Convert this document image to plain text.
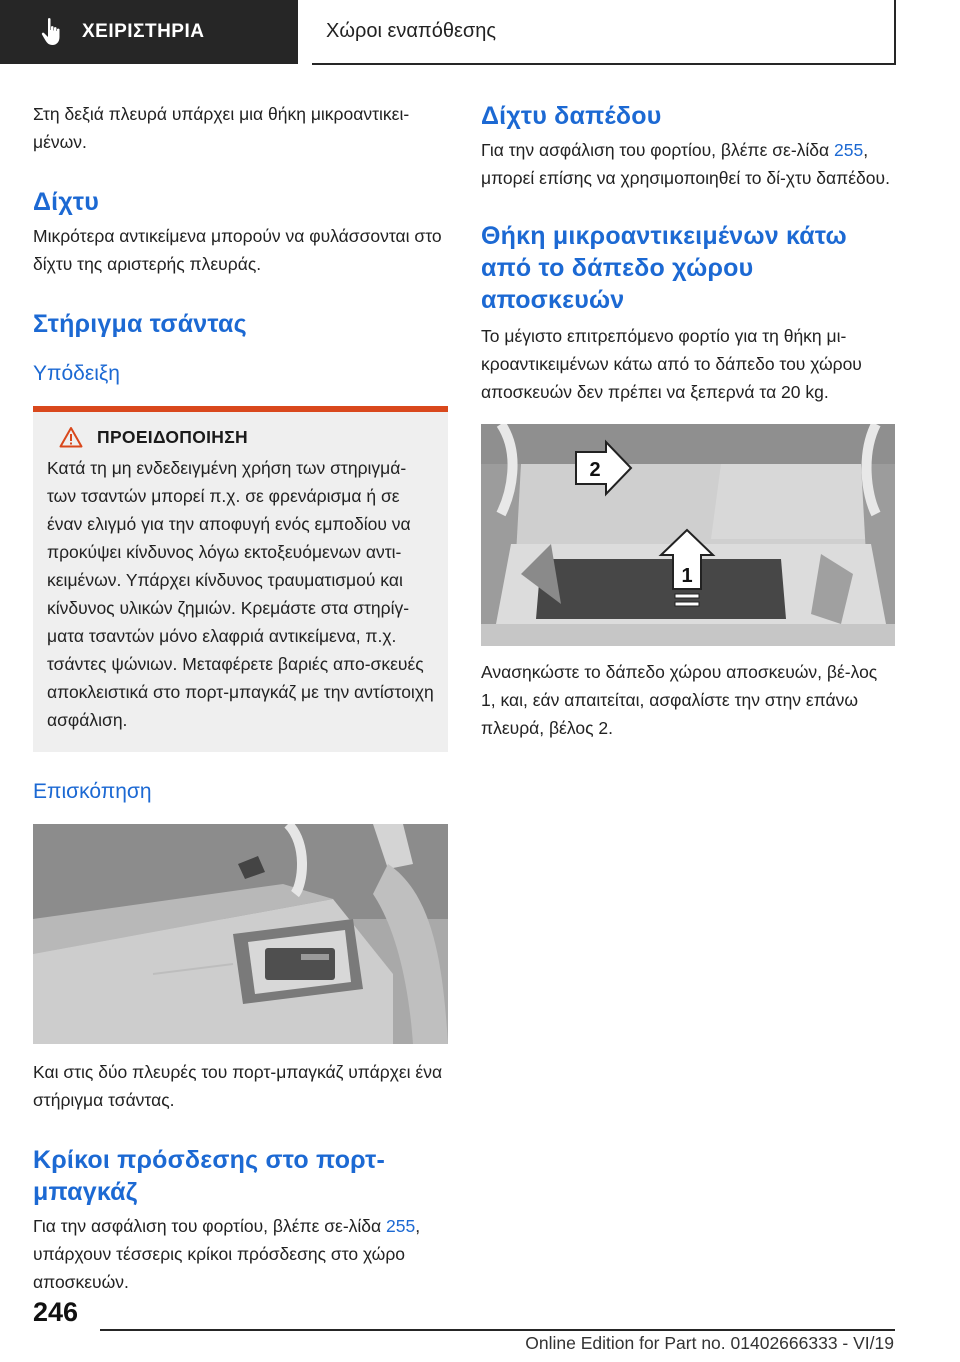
ΧΕΙΡΙΣΤΗΡΙΑ	Χώροι εναπόθεσης

Στη δεξιά πλευρά υπάρχει μια θήκη μικροαντικει-μένων.

Δίχτυ

Μικρότερα αντικείμενα μπορούν να φυλάσσονται στο δίχτυ της αριστερής πλευράς.

Στήριγμα τσάντας
Υπόδειξη
ΠΡΟΕΙΔΟΠΟΙΗΣΗ

Κατά τη μη ενδεδειγμένη χρήση των στηριγμά-των τσαντών μπορεί π.χ. σε φρενάρισμα ή σε έναν ελιγμό για την αποφυγή ενός εμποδίου να προκύψει κίνδυνος λόγω εκτοξευόμενων αντι-κειμένων. Υπάρχει κίνδυνος τραυματισμού και κίνδυνος υλικών ζημιών. Κρεμάστε στα στηρίγ-ματα τσαντών μόνο ελαφριά αντικείμενα, π.χ. τσάντες ψώνιων. Μεταφέρετε βαριές απο-σκευές αποκλειστικά στο πορτ-μπαγκάζ με την αντίστοιχη ασφάλιση.

Επισκόπηση

Και στις δύο πλευρές του πορτ-μπαγκάζ υπάρχει ένα στήριγμα τσάντας.

Κρίκοι πρόσδεσης στο πορτ-μπαγκάζ

Για την ασφάλιση του φορτίου, βλέπε σε-λίδα 255, υπάρχουν τέσσερις κρίκοι πρόσδεσης στο χώρο αποσκευών.

Δίχτυ δαπέδου

Για την ασφάλιση του φορτίου, βλέπε σε-λίδα 255, μπορεί επίσης να χρησιμοποιηθεί το δί-χτυ δαπέδου.

Θήκη μικροαντικειμένων κάτω από το δάπεδο χώρου αποσκευών

Το μέγιστο επιτρεπόμενο φορτίο για τη θήκη μι-κροαντικειμένων κάτω από το δάπεδο του χώρου αποσκευών δεν πρέπει να ξεπερνά τα 20 kg.

2
1

Ανασηκώστε το δάπεδο χώρου αποσκευών, βέ-λος 1, και, εάν απαιτείται, ασφαλίστε την στην επάνω πλευρά, βέλος 2.

246
Online Edition for Part no. 01402666333 - VI/19
